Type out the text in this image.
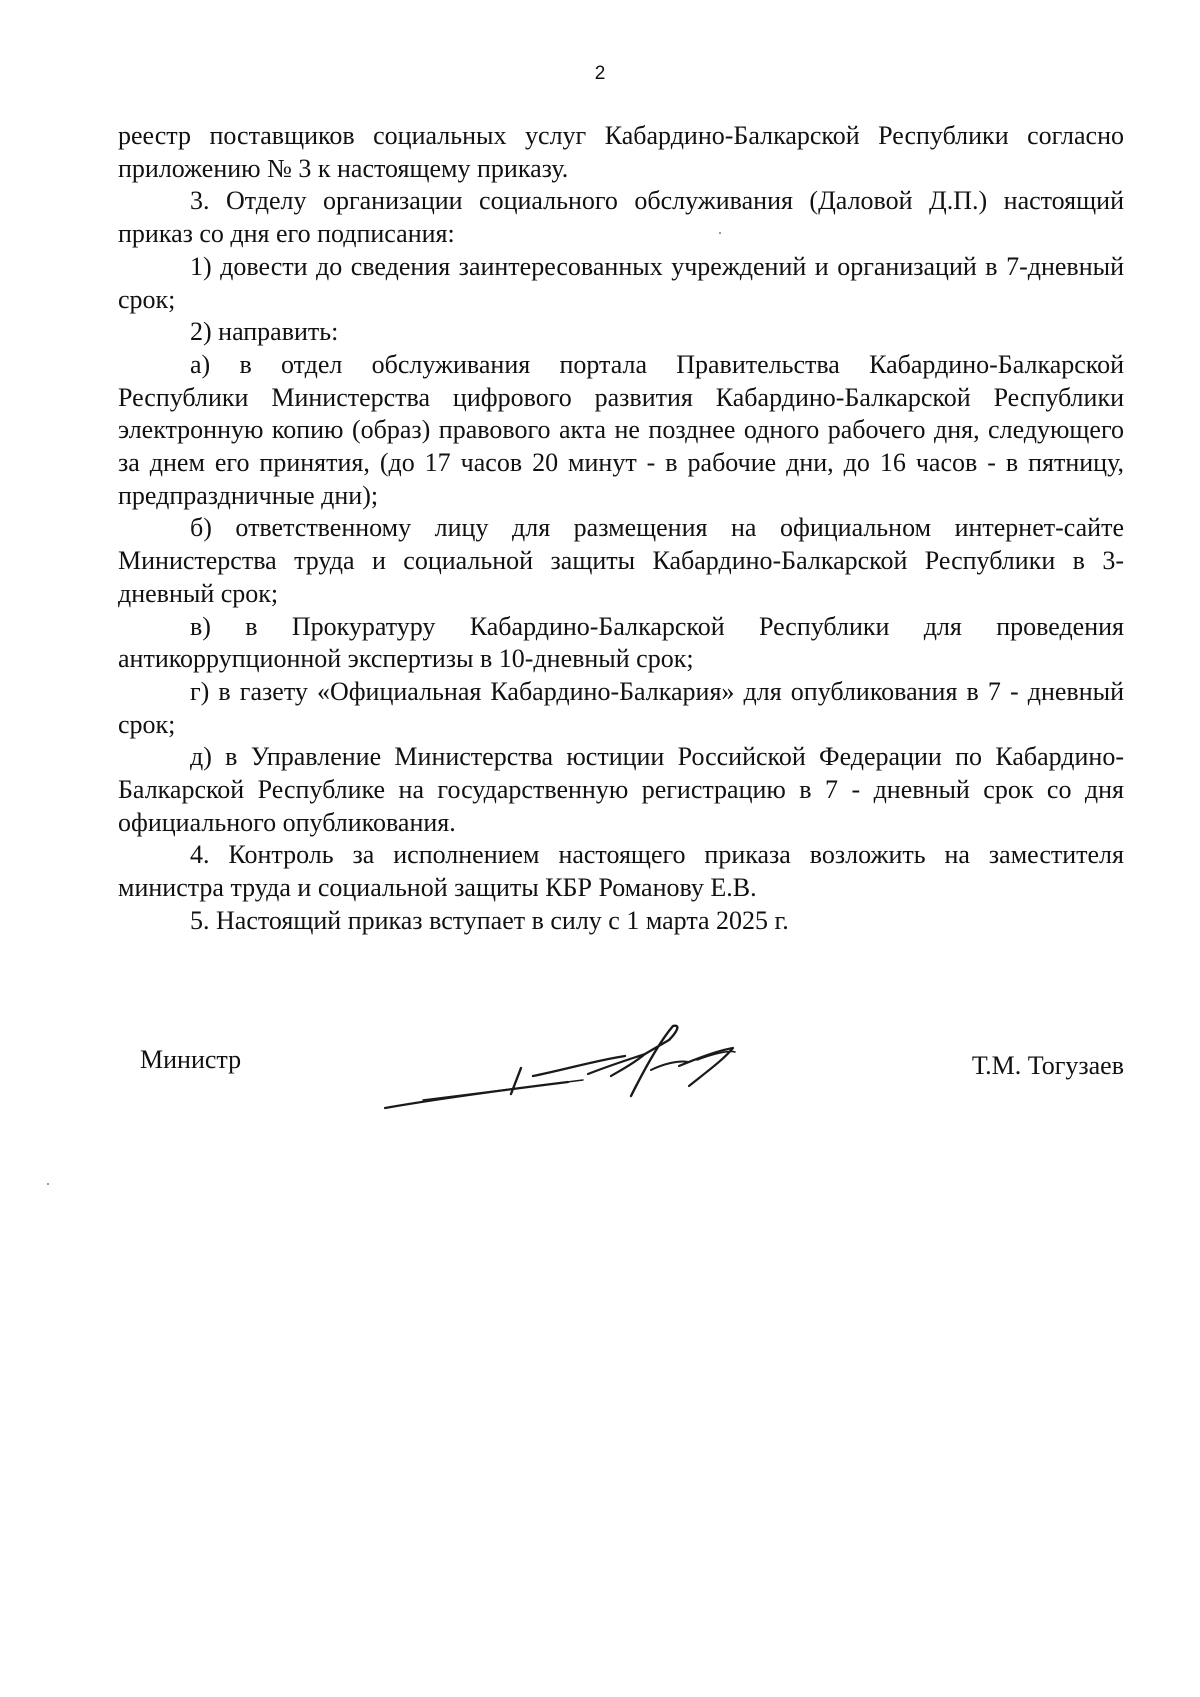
2

реестр поставщиков социальных услуг Кабардино-Балкарской Республики согласно приложению № 3 к настоящему приказу.

3. Отделу организации социального обслуживания (Даловой Д.П.) настоящий приказ со дня его подписания:

1) довести до сведения заинтересованных учреждений и организаций в 7-дневный срок;

2) направить:

а) в отдел обслуживания портала Правительства Кабардино-Балкарской Республики Министерства цифрового развития Кабардино-Балкарской Республики электронную копию (образ) правового акта не позднее одного рабочего дня, следующего за днем его принятия, (до 17 часов 20 минут - в рабочие дни, до 16 часов - в пятницу, предпраздничные дни);

б) ответственному лицу для размещения на официальном интернет-сайте Министерства труда и социальной защиты Кабардино-Балкарской Республики в 3-дневный срок;

в) в Прокуратуру Кабардино-Балкарской Республики для проведения антикоррупционной экспертизы в 10-дневный срок;

г) в газету «Официальная Кабардино-Балкария» для опубликования в 7 - дневный срок;

д) в Управление Министерства юстиции Российской Федерации по Кабардино-Балкарской Республике на государственную регистрацию в 7 - дневный срок со дня официального опубликования.

4. Контроль за исполнением настоящего приказа возложить на заместителя министра труда и социальной защиты КБР Романову Е.В.

5. Настоящий приказ вступает в силу с 1 марта 2025 г.

Министр	Т.М. Тогузаев
